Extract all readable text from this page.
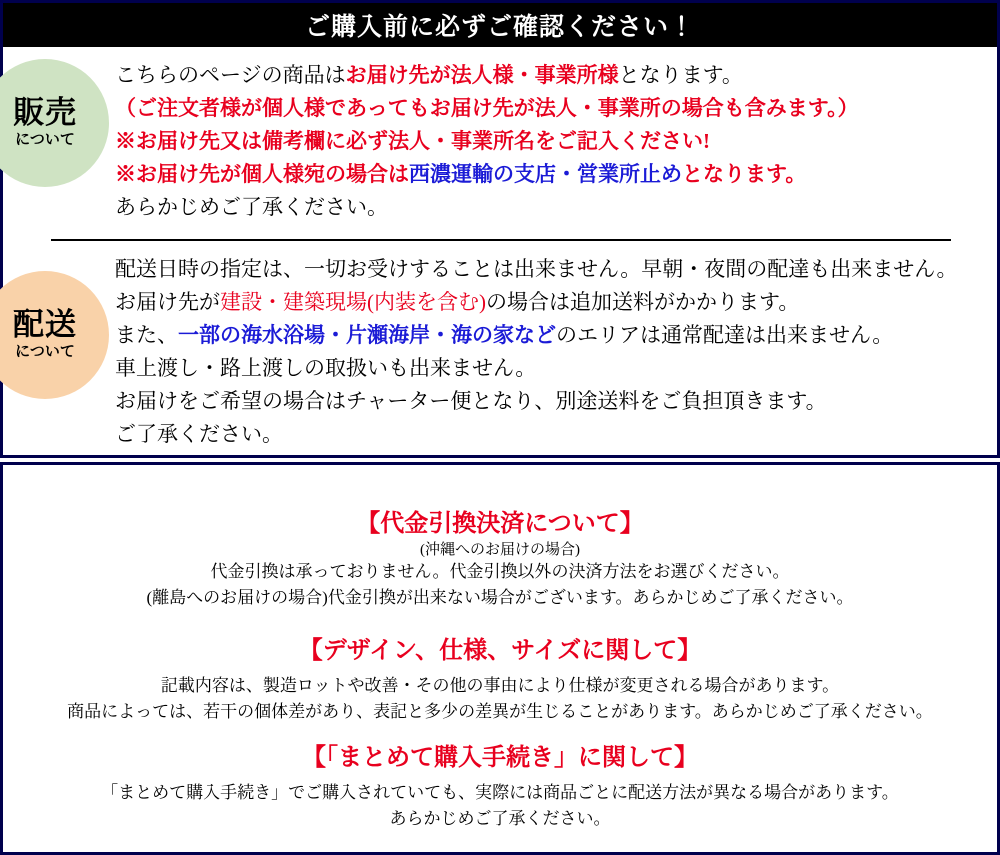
ご購入前に必ずご確認ください！
販売
について
配送
について
こちらのページの商品はお届け先が法人様・事業所様となります。
（ご注文者様が個人様であってもお届け先が法人・事業所の場合も含みます。）
※お届け先又は備考欄に必ず法人・事業所名をご記入ください!
※お届け先が個人様宛の場合は西濃運輸の支店・営業所止めとなります。
あらかじめご了承ください。
配送日時の指定は、一切お受けすることは出来ません。早朝・夜間の配達も出来ません。
お届け先が建設・建築現場(内装を含む)の場合は追加送料がかかります。
また、一部の海水浴場・片瀬海岸・海の家などのエリアは通常配達は出来ません。
車上渡し・路上渡しの取扱いも出来ません。
お届けをご希望の場合はチャーター便となり、別途送料をご負担頂きます。
ご了承ください。

【代金引換決済について】

(沖縄へのお届けの場合)

代金引換は承っておりません。代金引換以外の決済方法をお選びください。

(離島へのお届けの場合)代金引換が出来ない場合がございます。あらかじめご了承ください。

【デザイン、仕様、サイズに関して】

記載内容は、製造ロットや改善・その他の事由により仕様が変更される場合があります。

商品によっては、若干の個体差があり、表記と多少の差異が生じることがあります。あらかじめご了承ください。

【「まとめて購入手続き」に関して】

「まとめて購入手続き」でご購入されていても、実際には商品ごとに配送方法が異なる場合があります。

あらかじめご了承ください。
